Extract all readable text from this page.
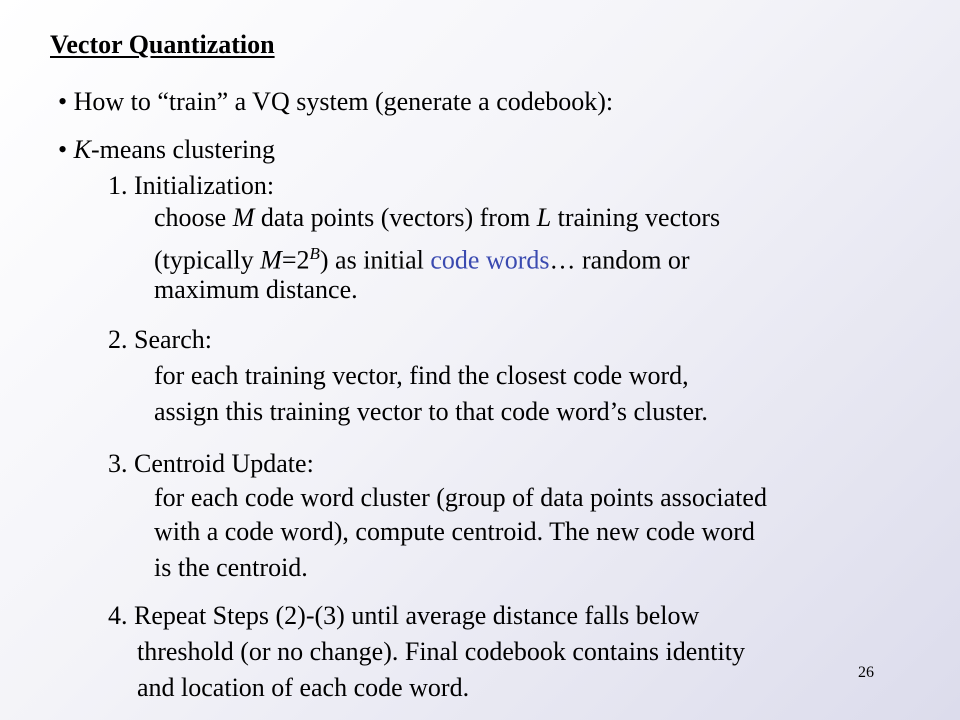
Vector Quantization
• How to “train” a VQ system (generate a codebook):
• K-means clustering
1. Initialization:
choose M data points (vectors) from L training vectors
(typically $M=2^B$) as initial code words… random or
maximum distance.
2. Search:
for each training vector, find the closest code word,
assign this training vector to that code word’s cluster.
3. Centroid Update:
for each code word cluster (group of data points associated
with a code word), compute centroid. The new code word
is the centroid.
4. Repeat Steps (2)-(3) until average distance falls below
threshold (or no change). Final codebook contains identity
and location of each code word.
26
